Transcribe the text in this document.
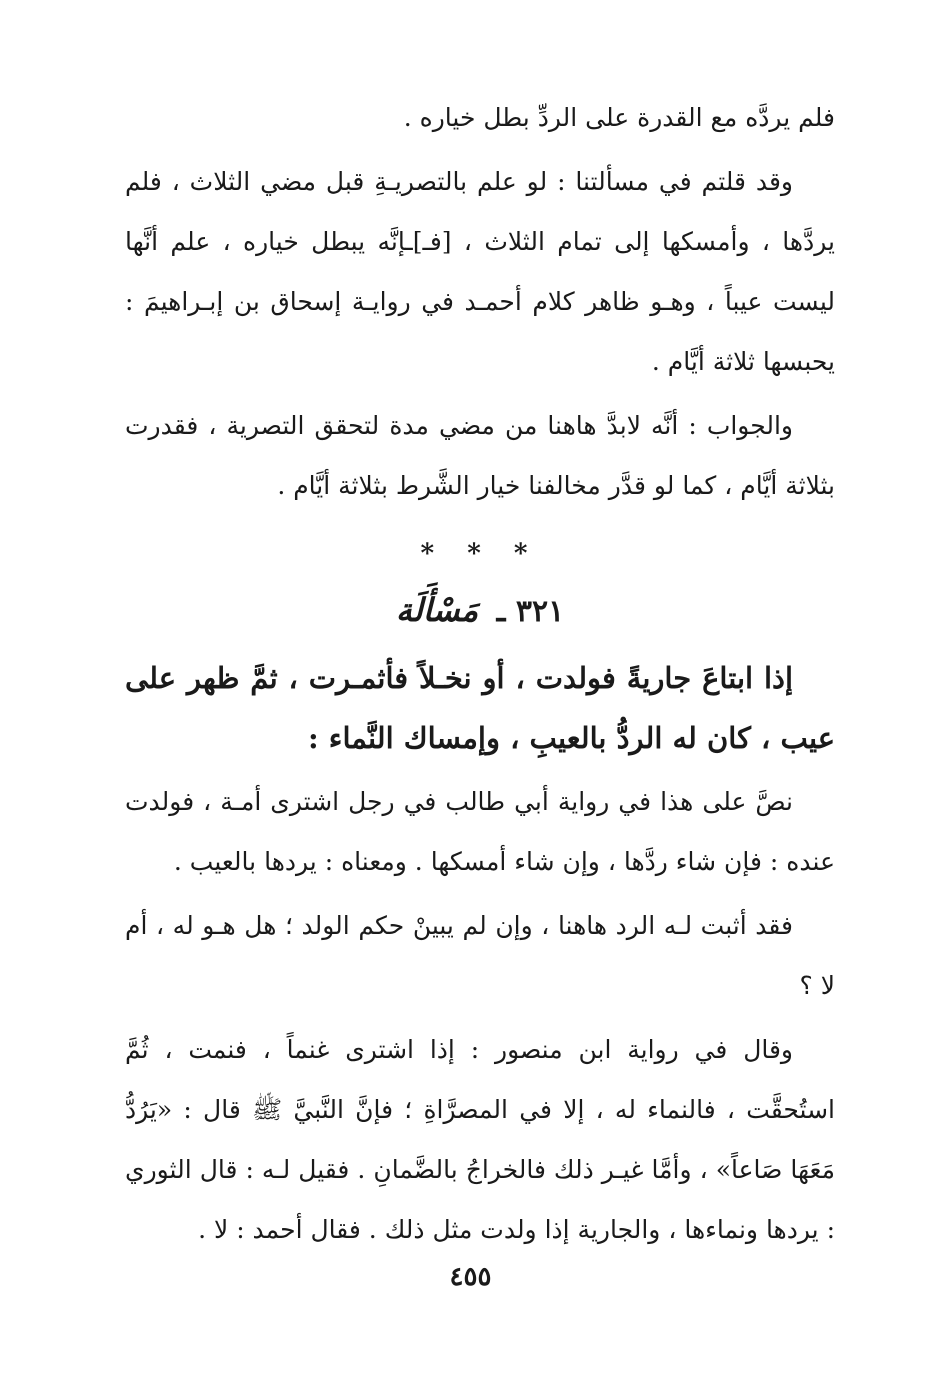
فلم يردَّه مع القدرة على الردِّ بطل خياره .

وقد قلتم في مسألتنا : لو علم بالتصريـةِ قبل مضي الثلاث ، فلم يردَّها ، وأمسكها إلى تمام الثلاث ، [فـ]ـإنَّه يبطل خياره ، علم أنَّها ليست عيباً ، وهـو ظاهر كلام أحمـد في روايـة إسحاق بن إبـراهيمَ : يحبسها ثلاثة أيَّام .

والجواب : أنَّه لابدَّ هاهنا من مضي مدة لتحقق التصرية ، فقدرت بثلاثة أيَّام ، كما لو قدَّر مخالفنا خيار الشَّرط بثلاثة أيَّام .

* * *
٣٢١ ـ مَسْأَلَة

إذا ابتاعَ جاريةً فولدت ، أو نخـلاً فأثمـرت ، ثمَّ ظهر على عيب ، كان له الردُّ بالعيبِ ، وإمساك النَّماء :

نصَّ على هذا في رواية أبي طالب في رجل اشترى أمـة ، فولدت عنده : فإن شاء ردَّها ، وإن شاء أمسكها . ومعناه : يردها بالعيب .

فقد أثبت لـه الرد هاهنا ، وإن لم يبينْ حكم الولد ؛ هل هـو له ، أم لا ؟

وقال في رواية ابن منصور : إذا اشترى غنماً ، فنمت ، ثُمَّ استُحقَّت ، فالنماء له ، إلا في المصرَّاةِ ؛ فإنَّ النَّبيَّ ﷺ قال : «يَرُدُّ مَعَهَا صَاعاً» ، وأمَّا غيـر ذلك فالخراجُ بالضَّمانِ . فقيل لـه : قال الثوري : يردها ونماءها ، والجارية إذا ولدت مثل ذلك . فقال أحمد : لا .

٤٥٥
